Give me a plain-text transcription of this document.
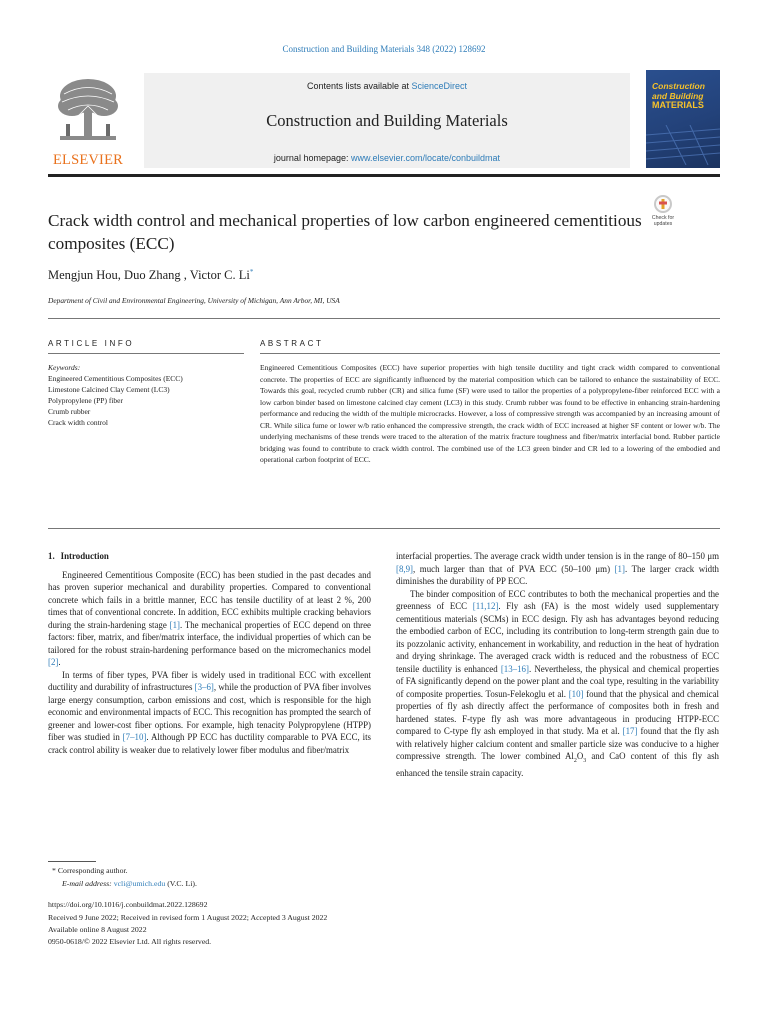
Construction and Building Materials 348 (2022) 128692
ELSEVIER
Contents lists available at ScienceDirect
Construction and Building Materials
journal homepage: www.elsevier.com/locate/conbuildmat
Construction
and Building
MATERIALS
Crack width control and mechanical properties of low carbon engineered cementitious composites (ECC)
Check for
updates
Mengjun Hou, Duo Zhang , Victor C. Li*
Department of Civil and Environmental Engineering, University of Michigan, Ann Arbor, MI, USA
ARTICLE INFO
Keywords:
Engineered Cementitious Composites (ECC)
Limestone Calcined Clay Cement (LC3)
Polypropylene (PP) fiber
Crumb rubber
Crack width control
ABSTRACT

Engineered Cementitious Composites (ECC) have superior properties with high tensile ductility and tight crack width compared to conventional concrete. The properties of ECC are significantly influenced by the material composition which can be tailored to enhance the sustainability of ECC. Towards this goal, recycled crumb rubber (CR) and silica fume (SF) were used to tailor the properties of a polypropylene-fiber reinforced ECC with a low carbon binder based on limestone calcined clay cement (LC3) in this study. Crumb rubber was found to be effective in enhancing strain-hardening performance and reducing the width of the multiple microcracks. However, a loss of compressive strength was accompanied by an increasing amount of CR. While silica fume or lower w/b ratio enhanced the compressive strength, the crack width of ECC increased at higher SF content or lower w/b. The underlying mechanisms of these trends were traced to the alteration of the matrix fracture toughness and fiber/matrix interfacial bond. Rubber particle bridging was found to contribute to crack width control. The combined use of the LC3 green binder and CR led to a lowering of the embodied and operational carbon footprint of ECC.

1. Introduction

Engineered Cementitious Composite (ECC) has been studied in the past decades and has proven superior mechanical and durability properties. Compared to conventional concrete which fails in a brittle manner, ECC has tensile ductility of at least 2 %, 200 times that of conventional concrete. In addition, ECC exhibits multiple cracking behaviors during the strain-hardening stage [1]. The mechanical properties of ECC depend on three factors: fiber, matrix, and fiber/matrix interface, the individual properties of which can be tailored for the robust strain-hardening performance based on the micromechanics model [2].

In terms of fiber types, PVA fiber is widely used in traditional ECC with excellent ductility and durability of infrastructures [3–6], while the production of PVA fiber involves large energy consumption, carbon emissions and cost, which is responsible for the high economic and environmental impacts of ECC. This recognition has prompted the search of greener and lower-cost fiber options. For example, high tenacity Polypropylene (HTPP) fiber was studied in [7–10]. Although PP ECC has ductility comparable to PVA ECC, its crack control ability is weaker due to relatively lower fiber modulus and fiber/matrix

interfacial properties. The average crack width under tension is in the range of 80–150 μm [8,9], much larger than that of PVA ECC (50–100 μm) [1]. The larger crack width diminishes the durability of PP ECC.

The binder composition of ECC contributes to both the mechanical properties and the greenness of ECC [11,12]. Fly ash (FA) is the most widely used supplementary cementitious materials (SCMs) in ECC design. Fly ash has advantages beyond reducing the embodied carbon of ECC, including its contribution to long-term strength gain due to its pozzolanic activity, enhancement in workability, and reduction in the heat of hydration and drying shrinkage. The averaged crack width is reduced and the robustness of ECC tensile ductility is enhanced [13–16]. Nevertheless, the physical and chemical properties of FA significantly depend on the power plant and the coal type, resulting in the variability of composite properties. Tosun-Felekoglu et al. [10] found that the physical and chemical properties of fly ash directly affect the performance of composites both in fresh and hardened states. F-type fly ash was more advantageous in producing HTPP-ECC compared to C-type fly ash employed in that study. Ma et al. [17] found that the fly ash with relatively higher calcium content and smaller particle size was conducive to a higher compressive strength. The lower combined $Al_2O_3$ and CaO content of this fly ash enhanced the tensile strain capacity.

* Corresponding author.
E-mail address: vcli@umich.edu (V.C. Li).
https://doi.org/10.1016/j.conbuildmat.2022.128692
Received 9 June 2022; Received in revised form 1 August 2022; Accepted 3 August 2022
Available online 8 August 2022
0950-0618/© 2022 Elsevier Ltd. All rights reserved.
